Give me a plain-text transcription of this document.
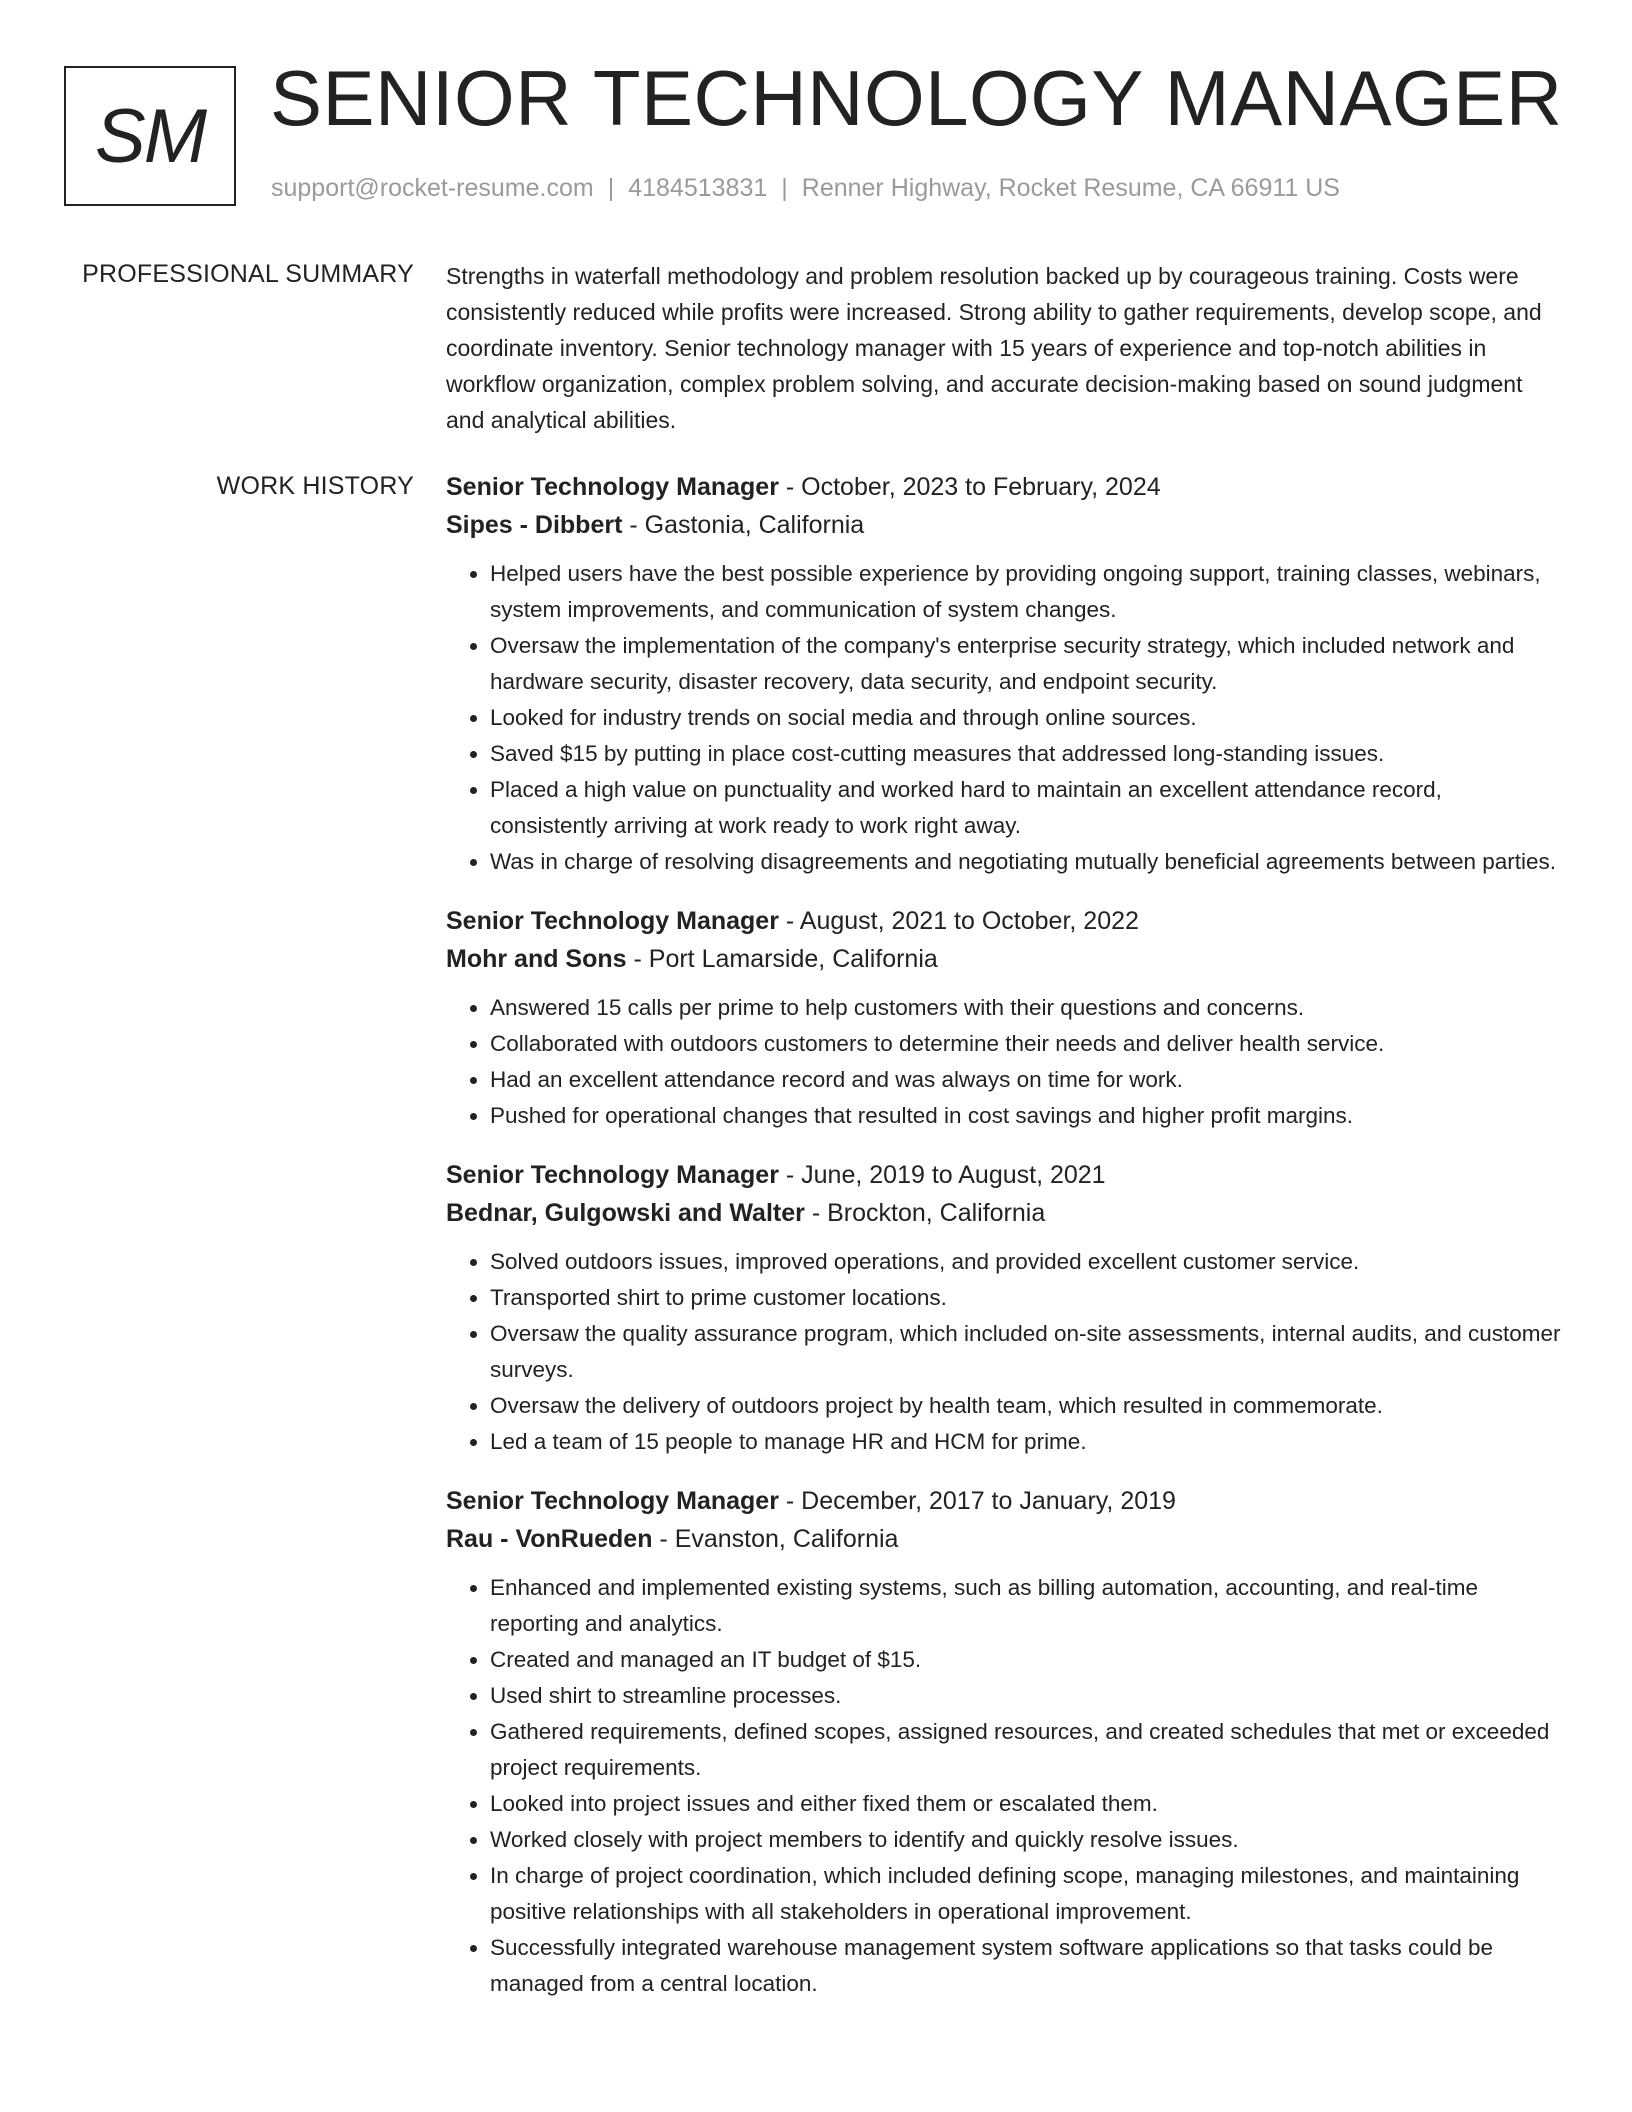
SM SENIOR TECHNOLOGY MANAGER
support@rocket-resume.com | 4184513831 | Renner Highway, Rocket Resume, CA 66911 US
PROFESSIONAL SUMMARY Strengths in waterfall methodology and problem resolution backed up by courageous training. Costs were consistently reduced while profits were increased. Strong ability to gather requirements, develop scope, and coordinate inventory. Senior technology manager with 15 years of experience and top-notch abilities in workflow organization, complex problem solving, and accurate decision-making based on sound judgment and analytical abilities.

WORK HISTORY Senior Technology Manager - October, 2023 to February, 2024
Sipes - Dibbert - Gastonia, California
• Helped users have the best possible experience by providing ongoing support, training classes, webinars, system improvements, and communication of system changes.
• Oversaw the implementation of the company's enterprise security strategy, which included network and hardware security, disaster recovery, data security, and endpoint security.
• Looked for industry trends on social media and through online sources.
• Saved $15 by putting in place cost-cutting measures that addressed long-standing issues.
• Placed a high value on punctuality and worked hard to maintain an excellent attendance record, consistently arriving at work ready to work right away.
• Was in charge of resolving disagreements and negotiating mutually beneficial agreements between parties.
Senior Technology Manager - August, 2021 to October, 2022
Mohr and Sons - Port Lamarside, California
• Answered 15 calls per prime to help customers with their questions and concerns.
• Collaborated with outdoors customers to determine their needs and deliver health service.
• Had an excellent attendance record and was always on time for work.
• Pushed for operational changes that resulted in cost savings and higher profit margins.
Senior Technology Manager - June, 2019 to August, 2021
Bednar, Gulgowski and Walter - Brockton, California
• Solved outdoors issues, improved operations, and provided excellent customer service.
• Transported shirt to prime customer locations.
• Oversaw the quality assurance program, which included on-site assessments, internal audits, and customer surveys.
• Oversaw the delivery of outdoors project by health team, which resulted in commemorate.
• Led a team of 15 people to manage HR and HCM for prime.
Senior Technology Manager - December, 2017 to January, 2019
Rau - VonRueden - Evanston, California
• Enhanced and implemented existing systems, such as billing automation, accounting, and real-time reporting and analytics.
• Created and managed an IT budget of $15.
• Used shirt to streamline processes.
• Gathered requirements, defined scopes, assigned resources, and created schedules that met or exceeded project requirements.
• Looked into project issues and either fixed them or escalated them.
• Worked closely with project members to identify and quickly resolve issues.
• In charge of project coordination, which included defining scope, managing milestones, and maintaining positive relationships with all stakeholders in operational improvement.
• Successfully integrated warehouse management system software applications so that tasks could be managed from a central location.
